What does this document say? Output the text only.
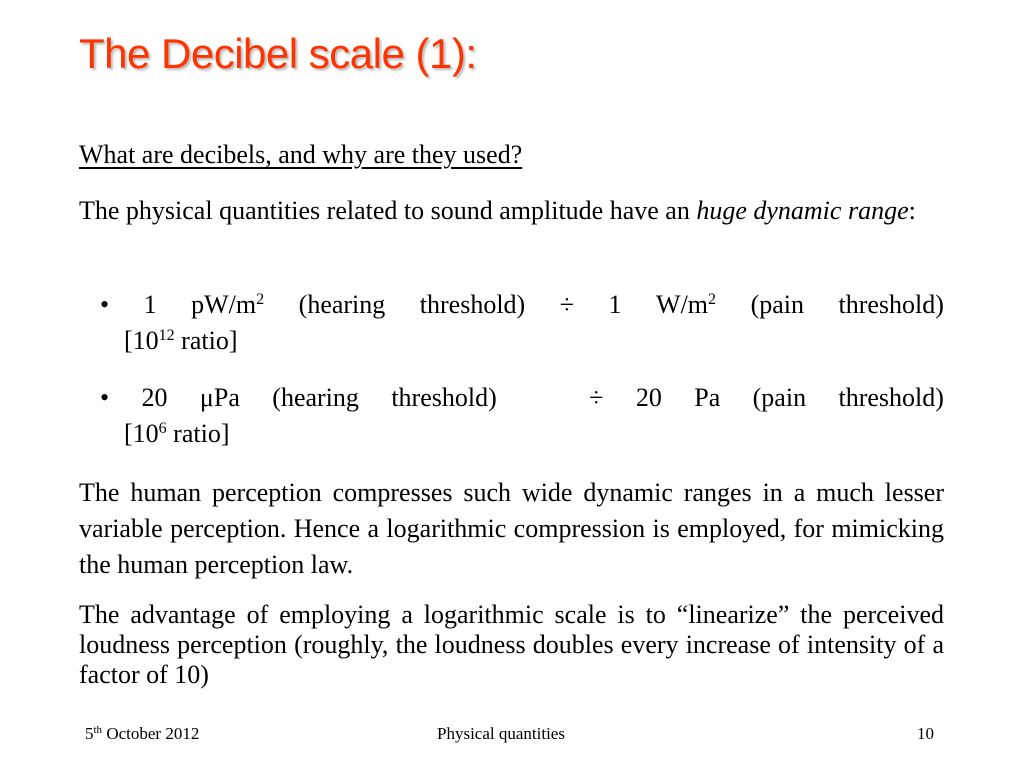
The Decibel scale (1):
What are decibels, and why are they used?
The physical quantities related to sound amplitude have an huge dynamic range:
• 1 $pW/m^2$ (hearing threshold) ÷ 1 $W/m^2$ (pain threshold)
[$10^{12}$ ratio]
• 20 μPa (hearing threshold)	÷ 20 Pa (pain threshold)
[$10^6$ ratio]
The human perception compresses such wide dynamic ranges in a much lesser variable perception. Hence a logarithmic compression is employed, for mimicking the human perception law.
The advantage of employing a logarithmic scale is to “linearize” the perceived loudness perception (roughly, the loudness doubles every increase of intensity of a factor of 10)
5th October 2012	Physical quantities	10
